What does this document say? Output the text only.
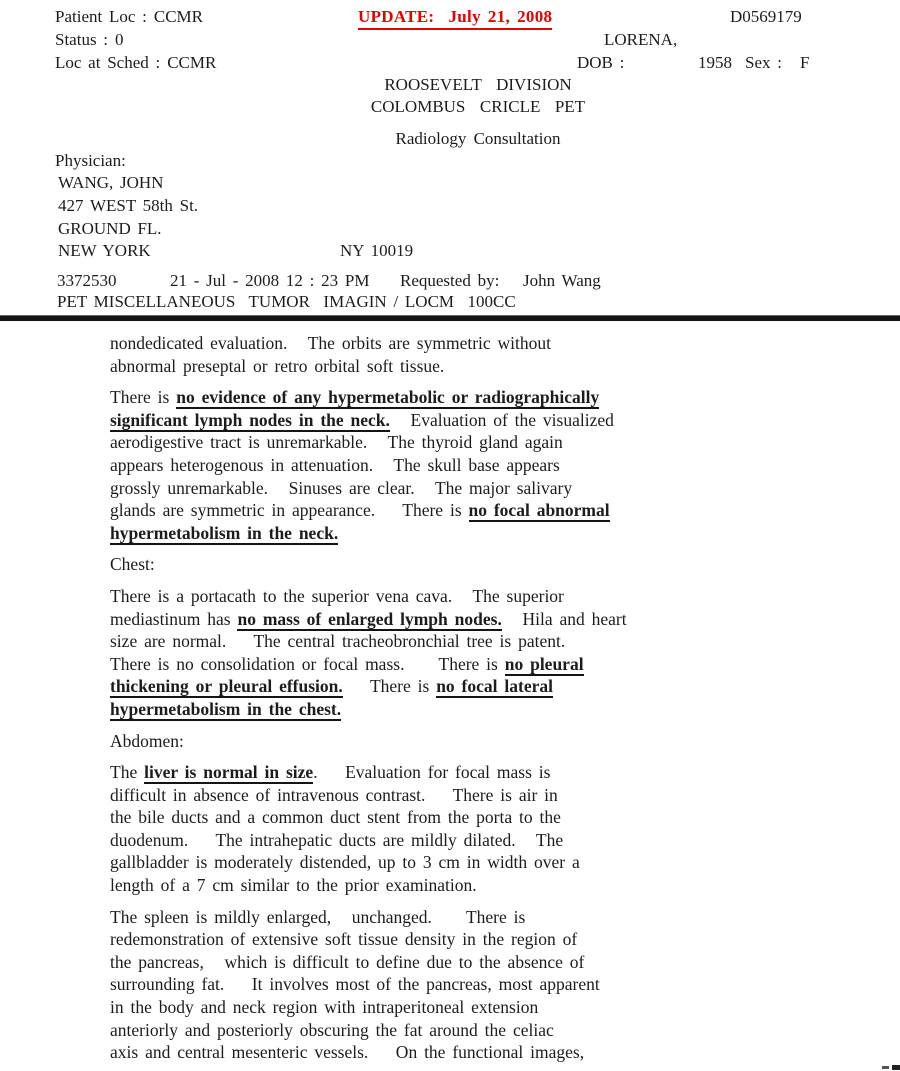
Patient Loc : CCMR	UPDATE:  July 21, 2008	D0569179
Status : 0	LORENA,
Loc at Sched : CCMR	DOB :	1958 Sex : F
ROOSEVELT  DIVISION
COLOMBUS  CRICLE  PET
Radiology Consultation
Physician:
WANG, JOHN
427 WEST 58th St.
GROUND FL.
NEW YORK	NY 10019
3372530	21 - Jul - 2008 12 : 23 PM Requested by: John Wang
PET MISCELLANEOUS  TUMOR  IMAGIN / LOCM  100CC

nondedicated evaluation.   The orbits are symmetric without
abnormal preseptal or retro orbital soft tissue.

There is no evidence of any hypermetabolic or radiographically
significant lymph nodes in the neck.   Evaluation of the visualized
aerodigestive tract is unremarkable.   The thyroid gland again
appears heterogenous in attenuation.   The skull base appears
grossly unremarkable.   Sinuses are clear.   The major salivary
glands are symmetric in appearance.    There is no focal abnormal
hypermetabolism in the neck.

Chest:

There is a portacath to the superior vena cava.   The superior
mediastinum has no mass of enlarged lymph nodes.   Hila and heart
size are normal.    The central tracheobronchial tree is patent.
There is no consolidation or focal mass.     There is no pleural
thickening or pleural effusion.    There is no focal lateral
hypermetabolism in the chest.

Abdomen:

The liver is normal in size.    Evaluation for focal mass is
difficult in absence of intravenous contrast.    There is air in
the bile ducts and a common duct stent from the porta to the
duodenum.    The intrahepatic ducts are mildly dilated.   The
gallbladder is moderately distended, up to 3 cm in width over a
length of a 7 cm similar to the prior examination.

The spleen is mildly enlarged,   unchanged.     There is
redemonstration of extensive soft tissue density in the region of
the pancreas,   which is difficult to define due to the absence of
surrounding fat.    It involves most of the pancreas, most apparent
in the body and neck region with intraperitoneal extension
anteriorly and posteriorly obscuring the fat around the celiac
axis and central mesenteric vessels.    On the functional images,
